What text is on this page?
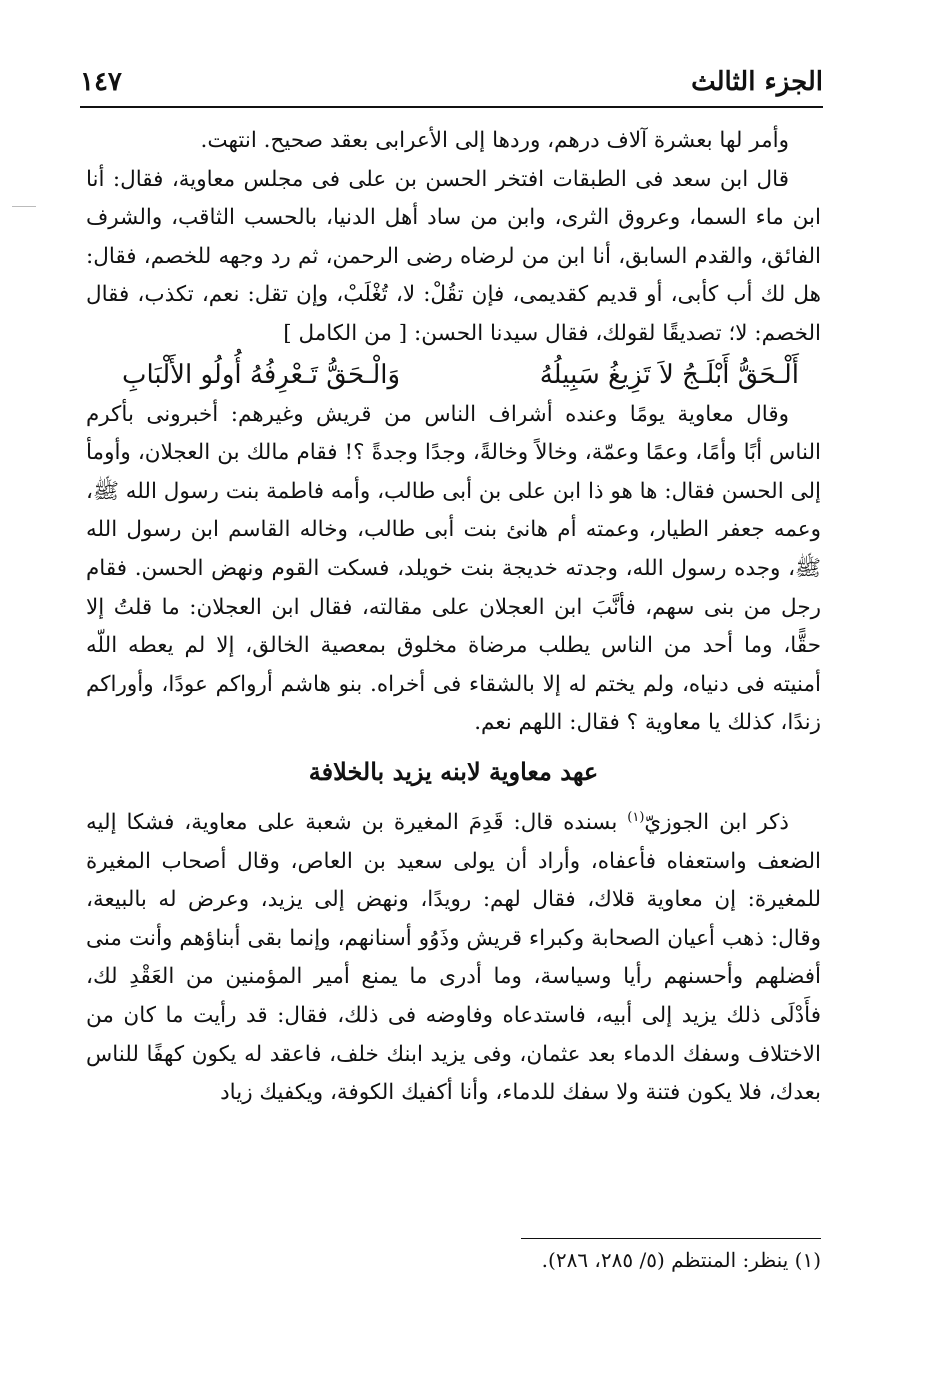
الجزء الثالث
١٤٧

وأمر لها بعشرة آلاف درهم، وردها إلى الأعرابى بعقد صحيح. انتهت.

قال ابن سعد فى الطبقات افتخر الحسن بن على فى مجلس معاوية، فقال: أنا ابن ماء السما، وعروق الثرى، وابن من ساد أهل الدنيا، بالحسب الثاقب، والشرف الفائق، والقدم السابق، أنا ابن من لرضاه رضى الرحمن، ثم رد وجهه للخصم، فقال: هل لك أب كأبى، أو قديم كقديمى، فإن تقُلْ: لا، تُغْلَبْ، وإن تقل: نعم، تكذب، فقال الخصم: لا؛ تصديقًا لقولك، فقال سيدنا الحسن: [ من الكامل ]

أَلْـحَقُّ أَبْلَـجُ لاَ تَزِيغُ سَبِيلُهُ
وَالْـحَقُّ تَـعْرِفُهُ أُولُو الأَلْبَابِ

وقال معاوية يومًا وعنده أشراف الناس من قريش وغيرهم: أخبرونى بأكرم الناس أبًا وأمًا، وعمًا وعمّة، وخالاً وخالةً، وجدًا وجدةً ؟! فقام مالك بن العجلان، وأومأ إلى الحسن فقال: ها هو ذا ابن على بن أبى طالب، وأمه فاطمة بنت رسول الله ﷺ، وعمه جعفر الطيار، وعمته أم هانئ بنت أبى طالب، وخاله القاسم ابن رسول الله ﷺ، وجده رسول الله، وجدته خديجة بنت خويلد، فسكت القوم ونهض الحسن. فقام رجل من بنى سهم، فأنَّبَ ابن العجلان على مقالته، فقال ابن العجلان: ما قلتُ إلا حقًّا، وما أحد من الناس يطلب مرضاة مخلوق بمعصية الخالق، إلا لم يعطه اللّه أمنيته فى دنياه، ولم يختم له إلا بالشقاء فى أخراه. بنو هاشم أرواكم عودًا، وأوراكم زندًا، كذلك يا معاوية ؟ فقال: اللهم نعم.

عهد معاوية لابنه يزيد بالخلافة

ذكر ابن الجوزيّ$^{(١)}$ بسنده قال: قَدِمَ المغيرة بن شعبة على معاوية، فشكا إليه الضعف واستعفاه فأعفاه، وأراد أن يولى سعيد بن العاص، وقال أصحاب المغيرة للمغيرة: إن معاوية قلاك، فقال لهم: رويدًا، ونهض إلى يزيد، وعرض له بالبيعة، وقال: ذهب أعيان الصحابة وكبراء قريش وذَوُو أسنانهم، وإنما بقى أبناؤهم وأنت منى أفضلهم وأحسنهم رأيا وسياسة، وما أدرى ما يمنع أمير المؤمنين من العَقْدِ لك، فأَدْلَى ذلك يزيد إلى أبيه، فاستدعاه وفاوضه فى ذلك، فقال: قد رأيت ما كان من الاختلاف وسفك الدماء بعد عثمان، وفى يزيد ابنك خلف، فاعقد له يكون كهفًا للناس بعدك، فلا يكون فتنة ولا سفك للدماء، وأنا أكفيك الكوفة، ويكفيك زياد

(١) ينظر: المنتظم (٥/ ٢٨٥، ٢٨٦).
